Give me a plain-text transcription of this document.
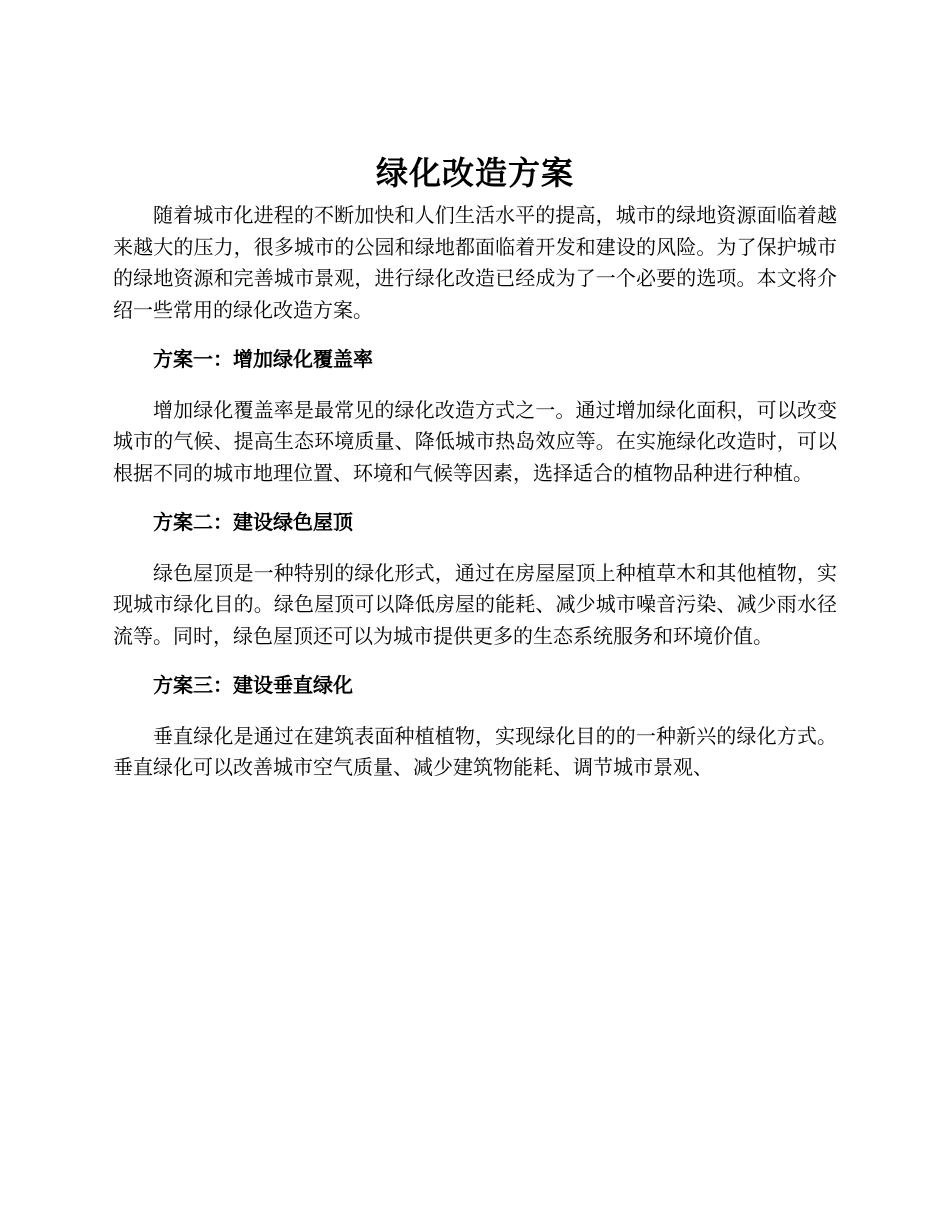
绿化改造方案

随着城市化进程的不断加快和人们生活水平的提高，城市的绿地资源面临着越来越大的压力，很多城市的公园和绿地都面临着开发和建设的风险。为了保护城市的绿地资源和完善城市景观，进行绿化改造已经成为了一个必要的选项。本文将介绍一些常用的绿化改造方案。

方案一：增加绿化覆盖率

增加绿化覆盖率是最常见的绿化改造方式之一。通过增加绿化面积，可以改变城市的气候、提高生态环境质量、降低城市热岛效应等。在实施绿化改造时，可以根据不同的城市地理位置、环境和气候等因素，选择适合的植物品种进行种植。

方案二：建设绿色屋顶

绿色屋顶是一种特别的绿化形式，通过在房屋屋顶上种植草木和其他植物，实现城市绿化目的。绿色屋顶可以降低房屋的能耗、减少城市噪音污染、减少雨水径流等。同时，绿色屋顶还可以为城市提供更多的生态系统服务和环境价值。

方案三：建设垂直绿化

垂直绿化是通过在建筑表面种植植物，实现绿化目的的一种新兴的绿化方式。垂直绿化可以改善城市空气质量、减少建筑物能耗、调节城市景观、
